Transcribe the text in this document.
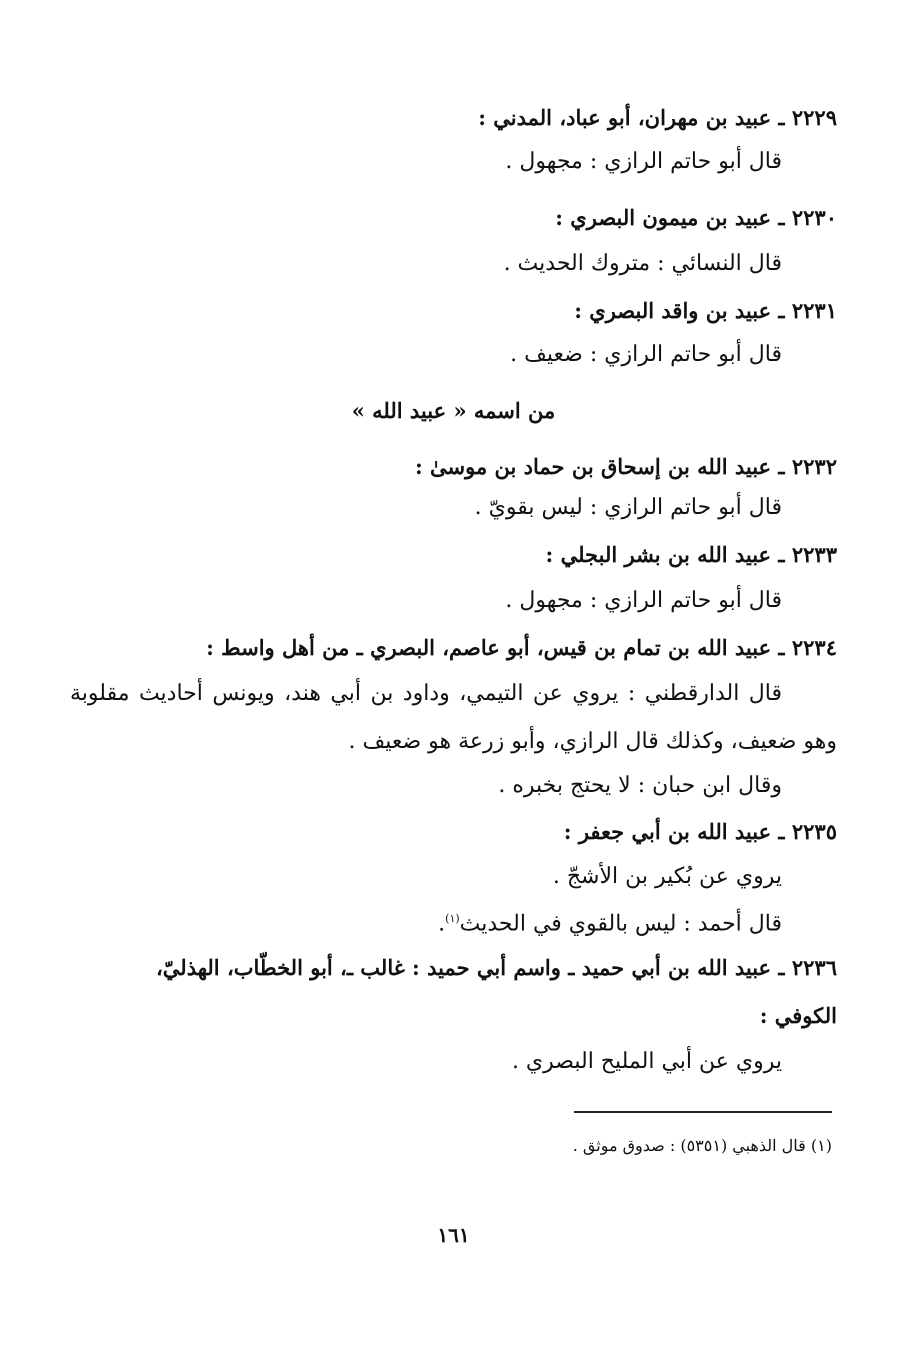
٢٢٢٩ ـ عبيد بن مهران، أبو عباد، المدني :
قال أبو حاتم الرازي : مجهول .
٢٢٣٠ ـ عبيد بن ميمون البصري :
قال النسائي : متروك الحديث .
٢٢٣١ ـ عبيد بن واقد البصري :
قال أبو حاتم الرازي : ضعيف .
من اسمه « عبيد الله »
٢٢٣٢ ـ عبيد الله بن إسحاق بن حماد بن موسىٰ :
قال أبو حاتم الرازي : ليس بقويّ .
٢٢٣٣ ـ عبيد الله بن بشر البجلي :
قال أبو حاتم الرازي : مجهول .
٢٢٣٤ ـ عبيد الله بن تمام بن قيس، أبو عاصم، البصري ـ من أهل واسط :
قال الدارقطني : يروي عن التيمي، وداود بن أبي هند، ويونس أحاديث مقلوبة
وهو ضعيف، وكذلك قال الرازي، وأبو زرعة هو ضعيف .
وقال ابن حبان : لا يحتج بخبره .
٢٢٣٥ ـ عبيد الله بن أبي جعفر :
يروي عن بُكير بن الأشجّ .
قال أحمد : ليس بالقوي في الحديث$^{(١)}$.
٢٢٣٦ ـ عبيد الله بن أبي حميد ـ واسم أبي حميد : غالب ـ، أبو الخطّاب، الهذليّ،
الكوفي :
يروي عن أبي المليح البصري .
(١) قال الذهبي (٥٣٥١) : صدوق موثق .
١٦١
